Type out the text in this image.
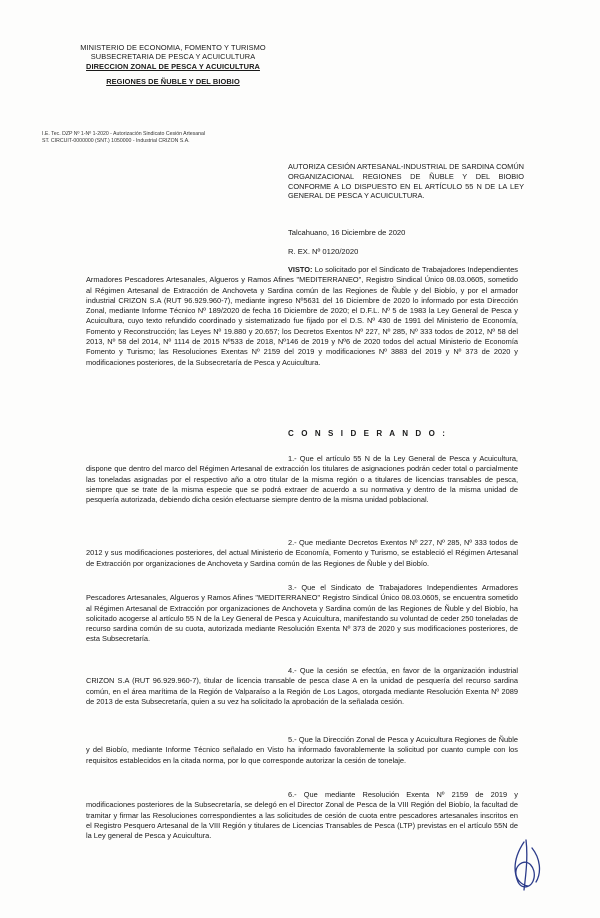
MINISTERIO DE ECONOMIA, FOMENTO Y TURISMO
SUBSECRETARIA DE PESCA Y ACUICULTURA
DIRECCION ZONAL DE PESCA Y ACUICULTURA
REGIONES DE ÑUBLE Y DEL BIOBIO
I.E. Tec. DZP Nº 1-Nº 1-2020 - Autorización Sindicato Cesión Artesanal
ST. CIRCUIT-0000000 (SNT.) 1050000 - Industrial CRIZON S.A.
AUTORIZA CESIÓN ARTESANAL-INDUSTRIAL DE SARDINA COMÚN ORGANIZACIONAL REGIONES DE ÑUBLE Y DEL BIOBIO CONFORME A LO DISPUESTO EN EL ARTÍCULO 55 N DE LA LEY GENERAL DE PESCA Y ACUICULTURA.
Talcahuano, 16 Diciembre de 2020
R. EX. Nº 0120/2020
VISTO: Lo solicitado por el Sindicato de Trabajadores Independientes Armadores Pescadores Artesanales, Algueros y Ramos Afines "MEDITERRANEO", Registro Sindical Único 08.03.0605, sometido al Régimen Artesanal de Extracción de Anchoveta y Sardina común de las Regiones de Ñuble y del Biobío, y por el armador industrial CRIZON S.A (RUT 96.929.960-7), mediante ingreso Nº5631 del 16 Diciembre de 2020 lo informado por esta Dirección Zonal, mediante Informe Técnico Nº 189/2020 de fecha 16 Diciembre de 2020; el D.F.L. Nº 5 de 1983 la Ley General de Pesca y Acuicultura, cuyo texto refundido coordinado y sistematizado fue fijado por el D.S. Nº 430 de 1991 del Ministerio de Economía, Fomento y Reconstrucción; las Leyes Nº 19.880 y 20.657; los Decretos Exentos Nº 227, Nº 285, Nº 333 todos de 2012, Nº 58 del 2013, Nº 58 del 2014, Nº 1114 de 2015 Nº533 de 2018, Nº146 de 2019 y Nº6 de 2020 todos del actual Ministerio de Economía Fomento y Turismo; las Resoluciones Exentas Nº 2159 del 2019 y modificaciones Nº 3883 del 2019 y Nº 373 de 2020 y modificaciones posteriores, de la Subsecretaría de Pesca y Acuicultura.
C O N S I D E R A N D O :
1.- Que el artículo 55 N de la Ley General de Pesca y Acuicultura, dispone que dentro del marco del Régimen Artesanal de extracción los titulares de asignaciones podrán ceder total o parcialmente las toneladas asignadas por el respectivo año a otro titular de la misma región o a titulares de licencias transables de pesca, siempre que se trate de la misma especie que se podrá extraer de acuerdo a su normativa y dentro de la misma unidad de pesquería autorizada, debiendo dicha cesión efectuarse siempre dentro de la misma unidad poblacional.
2.- Que mediante Decretos Exentos Nº 227, Nº 285, Nº 333 todos de 2012 y sus modificaciones posteriores, del actual Ministerio de Economía, Fomento y Turismo, se estableció el Régimen Artesanal de Extracción por organizaciones de Anchoveta y Sardina común de las Regiones de Ñuble y del Biobío.
3.- Que el Sindicato de Trabajadores Independientes Armadores Pescadores Artesanales, Algueros y Ramos Afines "MEDITERRANEO" Registro Sindical Único 08.03.0605, se encuentra sometido al Régimen Artesanal de Extracción por organizaciones de Anchoveta y Sardina común de las Regiones de Ñuble y del Biobío, ha solicitado acogerse al artículo 55 N de la Ley General de Pesca y Acuicultura, manifestando su voluntad de ceder 250 toneladas de recurso sardina común de su cuota, autorizada mediante Resolución Exenta Nº 373 de 2020 y sus modificaciones posteriores, de esta Subsecretaría.
4.- Que la cesión se efectúa, en favor de la organización industrial CRIZON S.A (RUT 96.929.960-7), titular de licencia transable de pesca clase A en la unidad de pesquería del recurso sardina común, en el área marítima de la Región de Valparaíso a la Región de Los Lagos, otorgada mediante Resolución Exenta Nº 2089 de 2013 de esta Subsecretaría, quien a su vez ha solicitado la aprobación de la señalada cesión.
5.- Que la Dirección Zonal de Pesca y Acuicultura Regiones de Ñuble y del Biobío, mediante Informe Técnico señalado en Visto ha informado favorablemente la solicitud por cuanto cumple con los requisitos establecidos en la citada norma, por lo que corresponde autorizar la cesión de tonelaje.
6.- Que mediante Resolución Exenta Nº 2159 de 2019 y modificaciones posteriores de la Subsecretaría, se delegó en el Director Zonal de Pesca de la VIII Región del Biobío, la facultad de tramitar y firmar las Resoluciones correspondientes a las solicitudes de cesión de cuota entre pescadores artesanales inscritos en el Registro Pesquero Artesanal de la VIII Región y titulares de Licencias Transables de Pesca (LTP) previstas en el artículo 55N de la Ley general de Pesca y Acuicultura.
